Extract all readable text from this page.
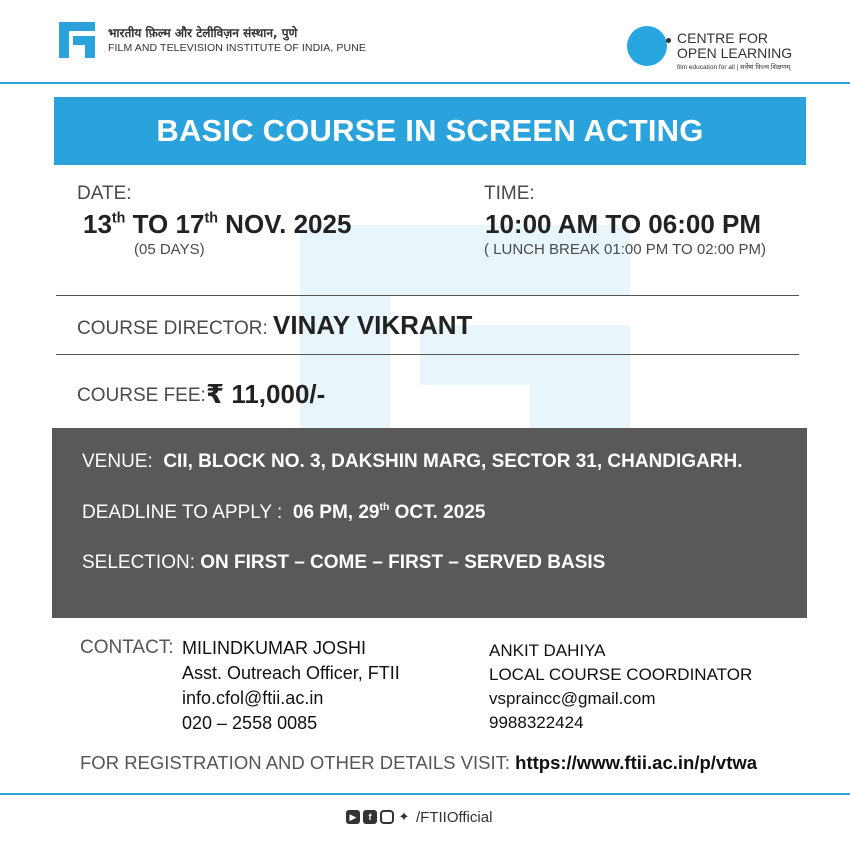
भारतीय फ़िल्म और टेलीविज़न संस्थान, पुणे
FILM AND TELEVISION INSTITUTE OF INDIA, PUNE
CENTRE FOR
OPEN LEARNING
film education for all | सर्वेषां फिल्म शिक्षणम्
BASIC COURSE IN SCREEN ACTING
DATE:
13th TO 17th NOV. 2025
(05 DAYS)
TIME:
10:00 AM TO 06:00 PM
( LUNCH BREAK 01:00 PM TO 02:00 PM)
COURSE DIRECTOR: VINAY VIKRANT
COURSE FEE: ₹ 11,000/-
VENUE: CII, BLOCK NO. 3, DAKSHIN MARG, SECTOR 31, CHANDIGARH.
DEADLINE TO APPLY : 06 PM, 29th OCT. 2025
SELECTION: ON FIRST – COME – FIRST – SERVED BASIS
CONTACT: MILINDKUMAR JOSHI
Asst. Outreach Officer, FTII
info.cfol@ftii.ac.in
020 – 2558 0085
ANKIT DAHIYA
LOCAL COURSE COORDINATOR
vspraincc@gmail.com
9988322424
FOR REGISTRATION AND OTHER DETAILS VISIT: https://www.ftii.ac.in/p/vtwa
▶	f	✦ /FTIIOfficial
